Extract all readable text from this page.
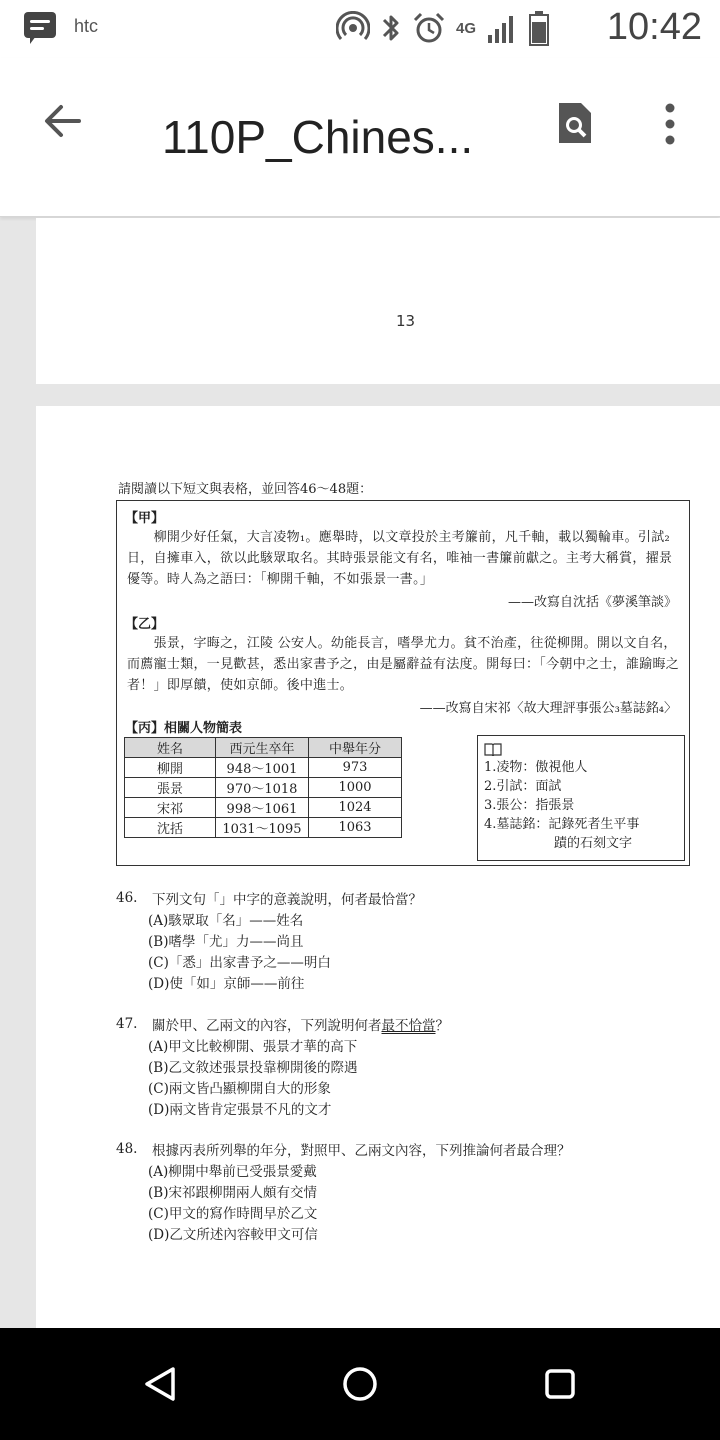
htc	4G	10:42
110P_Chines...
13
請閱讀以下短文與表格，並回答46～48題：
【甲】
　　柳開少好任氣，大言凌物₁。應舉時，以文章投於主考簾前，凡千軸，載以獨輪車。引試₂日，自擁車入，欲以此駭眾取名。其時張景能文有名，唯袖一書簾前獻之。主考大稱賞，擢景優等。時人為之語曰：「柳開千軸，不如張景一書。」
——改寫自沈括《夢溪筆談》
【乙】
　　張景，字晦之，江陵 公安人。幼能長言，嗜學尤力。貧不治產，往從柳開。開以文自名，而薦寵士類，一見歡甚，悉出家書予之，由是屬辭益有法度。開每曰：「今朝中之士，誰踰晦之者！」即厚饋，使如京師。後中進士。
——改寫自宋祁〈故大理評事張公₃墓誌銘₄〉
【丙】相關人物簡表
姓名	西元生卒年	中舉年分
柳開	948～1001	973
張景	970～1018	1000
宋祁	998～1061	1024
沈括	1031～1095	1063
1.凌物：傲視他人
2.引試：面試
3.張公：指張景
4.墓誌銘：記錄死者生平事
蹟的石刻文字
46.	下列文句「」中字的意義說明，何者最恰當？
(A)駭眾取「名」——姓名
(B)嗜學「尤」力——尚且
(C)「悉」出家書予之——明白
(D)使「如」京師——前往
47.	關於甲、乙兩文的內容，下列說明何者最不恰當？
(A)甲文比較柳開、張景才華的高下
(B)乙文敘述張景投靠柳開後的際遇
(C)兩文皆凸顯柳開自大的形象
(D)兩文皆肯定張景不凡的文才
48.	根據丙表所列舉的年分，對照甲、乙兩文內容，下列推論何者最合理？
(A)柳開中舉前已受張景愛戴
(B)宋祁跟柳開兩人頗有交情
(C)甲文的寫作時間早於乙文
(D)乙文所述內容較甲文可信
